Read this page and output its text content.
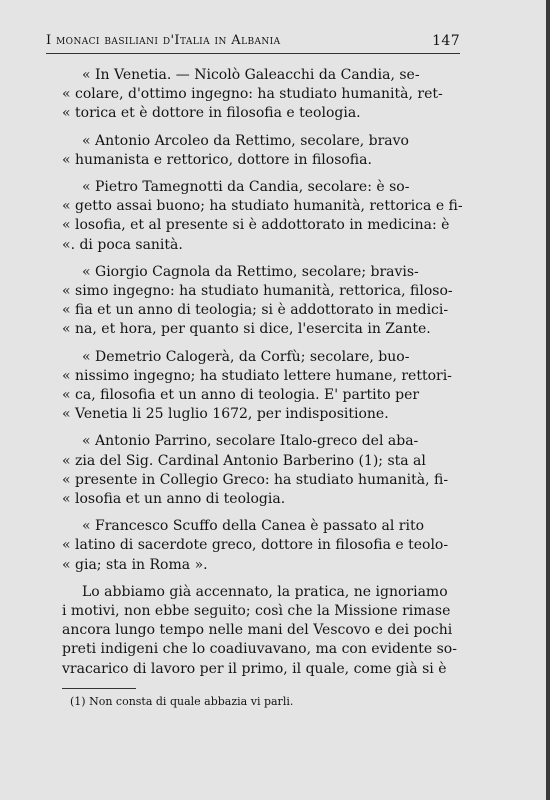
I monaci basiliani d'Italia in Albania	147
« In Venetia. — Nicolò Galeacchi da Candia, se-
« colare, d'ottimo ingegno: ha studiato humanità, ret-
« torica et è dottore in filosofia e teologia.
« Antonio Arcoleo da Rettimo, secolare, bravo
« humanista e rettorico, dottore in filosofia.
« Pietro Tamegnotti da Candia, secolare: è so-
« getto assai buono; ha studiato humanità, rettorica e fi-
« losofia, et al presente si è addottorato in medicina: è
«. di poca sanità.
« Giorgio Cagnola da Rettimo, secolare; bravis-
« simo ingegno: ha studiato humanità, rettorica, filoso-
« fia et un anno di teologia; si è addottorato in medici-
« na, et hora, per quanto si dice, l'esercita in Zante.
« Demetrio Calogerà, da Corfù; secolare, buo-
« nissimo ingegno; ha studiato lettere humane, rettori-
« ca, filosofia et un anno di teologia. E' partito per
« Venetia li 25 luglio 1672, per indispositione.
« Antonio Parrino, secolare Italo-greco del aba-
« zia del Sig. Cardinal Antonio Barberino (1); sta al
« presente in Collegio Greco: ha studiato humanità, fi-
« losofia et un anno di teologia.
« Francesco Scuffo della Canea è passato al rito
« latino di sacerdote greco, dottore in filosofia e teolo-
« gia; sta in Roma ».
Lo abbiamo già accennato, la pratica, ne ignoriamo
i motivi, non ebbe seguito; così che la Missione rimase
ancora lungo tempo nelle mani del Vescovo e dei pochi
preti indigeni che lo coadiuvavano, ma con evidente so-
vracarico di lavoro per il primo, il quale, come già si è
(1) Non consta di quale abbazia vi parli.
